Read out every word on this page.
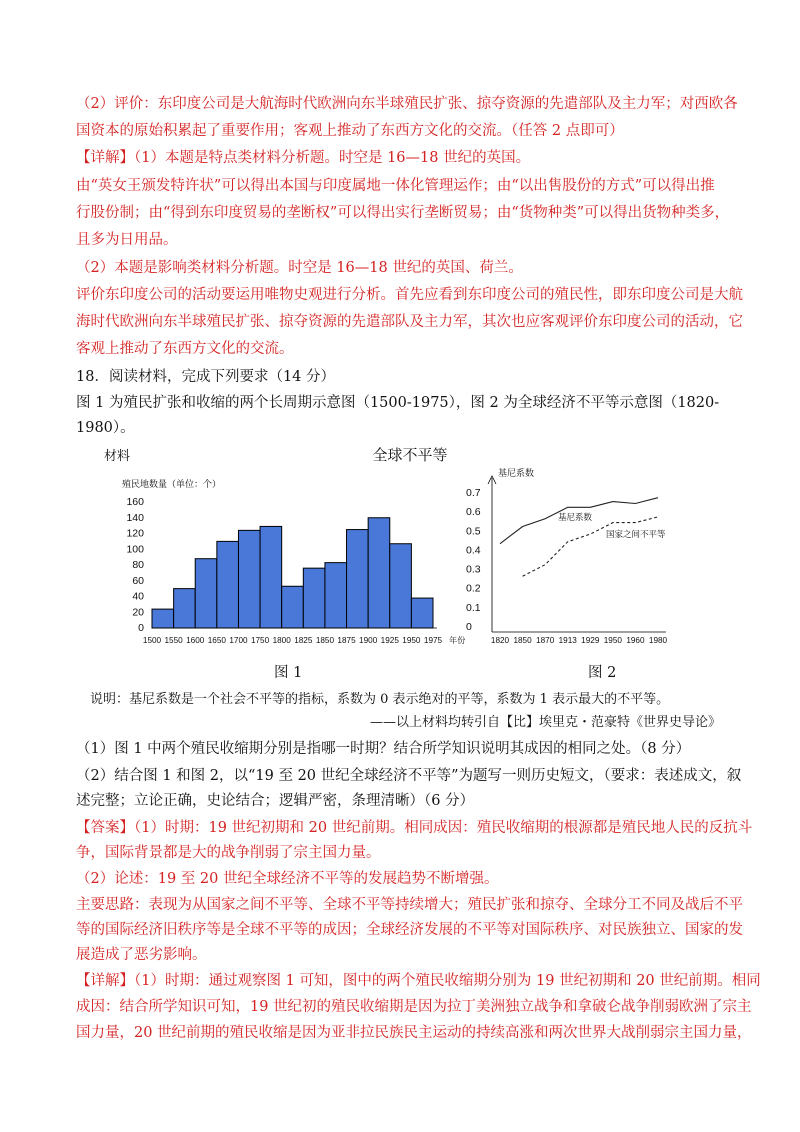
（2）评价：东印度公司是大航海时代欧洲向东半球殖民扩张、掠夺资源的先遣部队及主力军；对西欧各
国资本的原始积累起了重要作用；客观上推动了东西方文化的交流。（任答 2 点即可）
【详解】（1）本题是特点类材料分析题。时空是 16—18 世纪的英国。
由“英女王颁发特许状”可以得出本国与印度属地一体化管理运作；由“以出售股份的方式”可以得出推
行股份制；由“得到东印度贸易的垄断权”可以得出实行垄断贸易；由“货物种类”可以得出货物种类多，
且多为日用品。
（2）本题是影响类材料分析题。时空是 16—18 世纪的英国、荷兰。
评价东印度公司的活动要运用唯物史观进行分析。首先应看到东印度公司的殖民性，即东印度公司是大航
海时代欧洲向东半球殖民扩张、掠夺资源的先遣部队及主力军，其次也应客观评价东印度公司的活动，它
客观上推动了东西方文化的交流。
18．阅读材料，完成下列要求（14 分）
图 1 为殖民扩张和收缩的两个长周期示意图（1500-1975），图 2 为全球经济不平等示意图（1820-
1980）。
材料	全球不平等
殖民地数量（单位：个）
0
20
40
60
80
100
120
140
160
1500 1550 1600 1650 1700 1750 1800 1825 1850 1875 1900 1925 1950 1975 年份
基尼系数
0
0.1
0.2
0.3
0.4
0.5
0.6
0.7
1820 1850 1870 1913 1929 1950 1960 1980
基尼系数
国家之间不平等
图 1	图 2
说明：基尼系数是一个社会不平等的指标，系数为 0 表示绝对的平等，系数为 1 表示最大的不平等。
——以上材料均转引自【比】埃里克・范豪特《世界史导论》
（1）图 1 中两个殖民收缩期分别是指哪一时期？结合所学知识说明其成因的相同之处。（8 分）
（2）结合图 1 和图 2，以“19 至 20 世纪全球经济不平等”为题写一则历史短文，（要求：表述成文，叙
述完整；立论正确，史论结合；逻辑严密，条理清晰）（6 分）
【答案】（1）时期：19 世纪初期和 20 世纪前期。相同成因：殖民收缩期的根源都是殖民地人民的反抗斗
争，国际背景都是大的战争削弱了宗主国力量。
（2）论述：19 至 20 世纪全球经济不平等的发展趋势不断增强。
主要思路：表现为从国家之间不平等、全球不平等持续增大；殖民扩张和掠夺、全球分工不同及战后不平
等的国际经济旧秩序等是全球不平等的成因；全球经济发展的不平等对国际秩序、对民族独立、国家的发
展造成了恶劣影响。
【详解】（1）时期：通过观察图 1 可知，图中的两个殖民收缩期分别为 19 世纪初期和 20 世纪前期。相同
成因：结合所学知识可知，19 世纪初的殖民收缩期是因为拉丁美洲独立战争和拿破仑战争削弱欧洲了宗主
国力量，20 世纪前期的殖民收缩是因为亚非拉民族民主运动的持续高涨和两次世界大战削弱宗主国力量，
